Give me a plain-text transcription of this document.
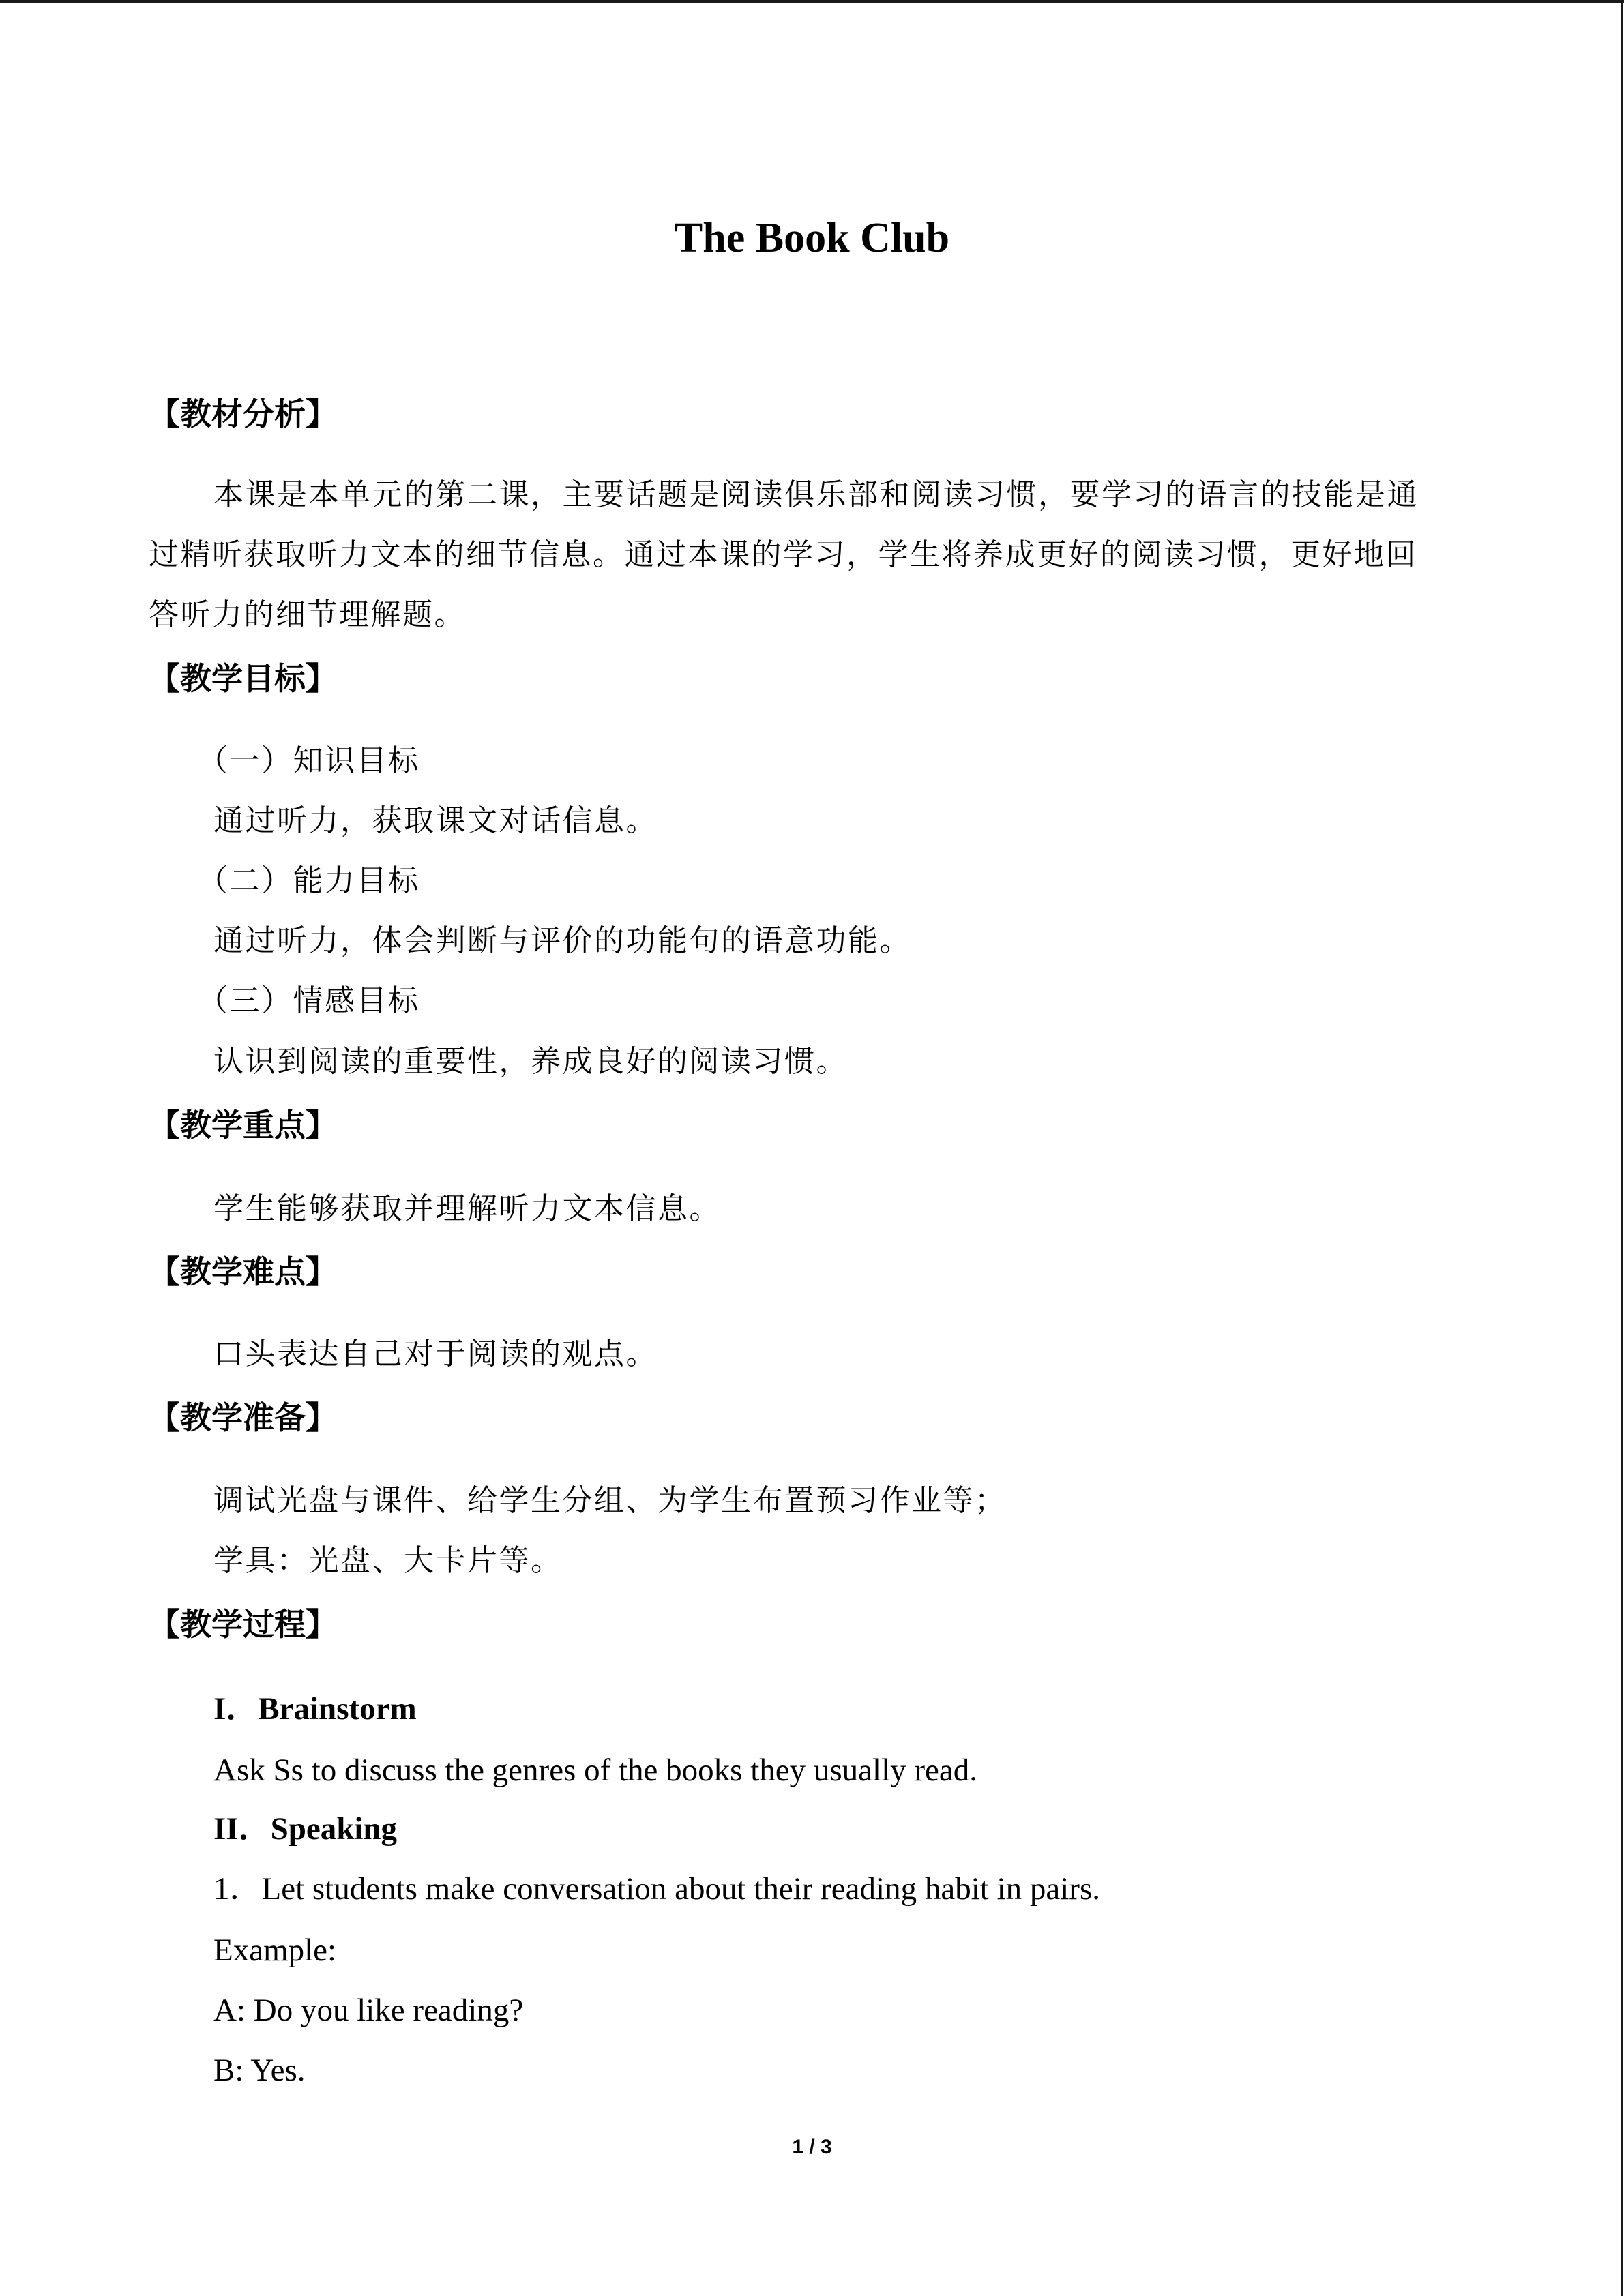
The Book Club
【教材分析】
本课是本单元的第二课，主要话题是阅读俱乐部和阅读习惯，要学习的语言的技能是通
过精听获取听力文本的细节信息。通过本课的学习，学生将养成更好的阅读习惯，更好地回
答听力的细节理解题。
【教学目标】
（一）知识目标
通过听力，获取课文对话信息。
（二）能力目标
通过听力，体会判断与评价的功能句的语意功能。
（三）情感目标
认识到阅读的重要性，养成良好的阅读习惯。
【教学重点】
学生能够获取并理解听力文本信息。
【教学难点】
口头表达自己对于阅读的观点。
【教学准备】
调试光盘与课件、给学生分组、为学生布置预习作业等；
学具：光盘、大卡片等。
【教学过程】
I．Brainstorm
Ask Ss to discuss the genres of the books they usually read.
II．Speaking
1．Let students make conversation about their reading habit in pairs.
Example:
A: Do you like reading?
B: Yes.
1 / 3
